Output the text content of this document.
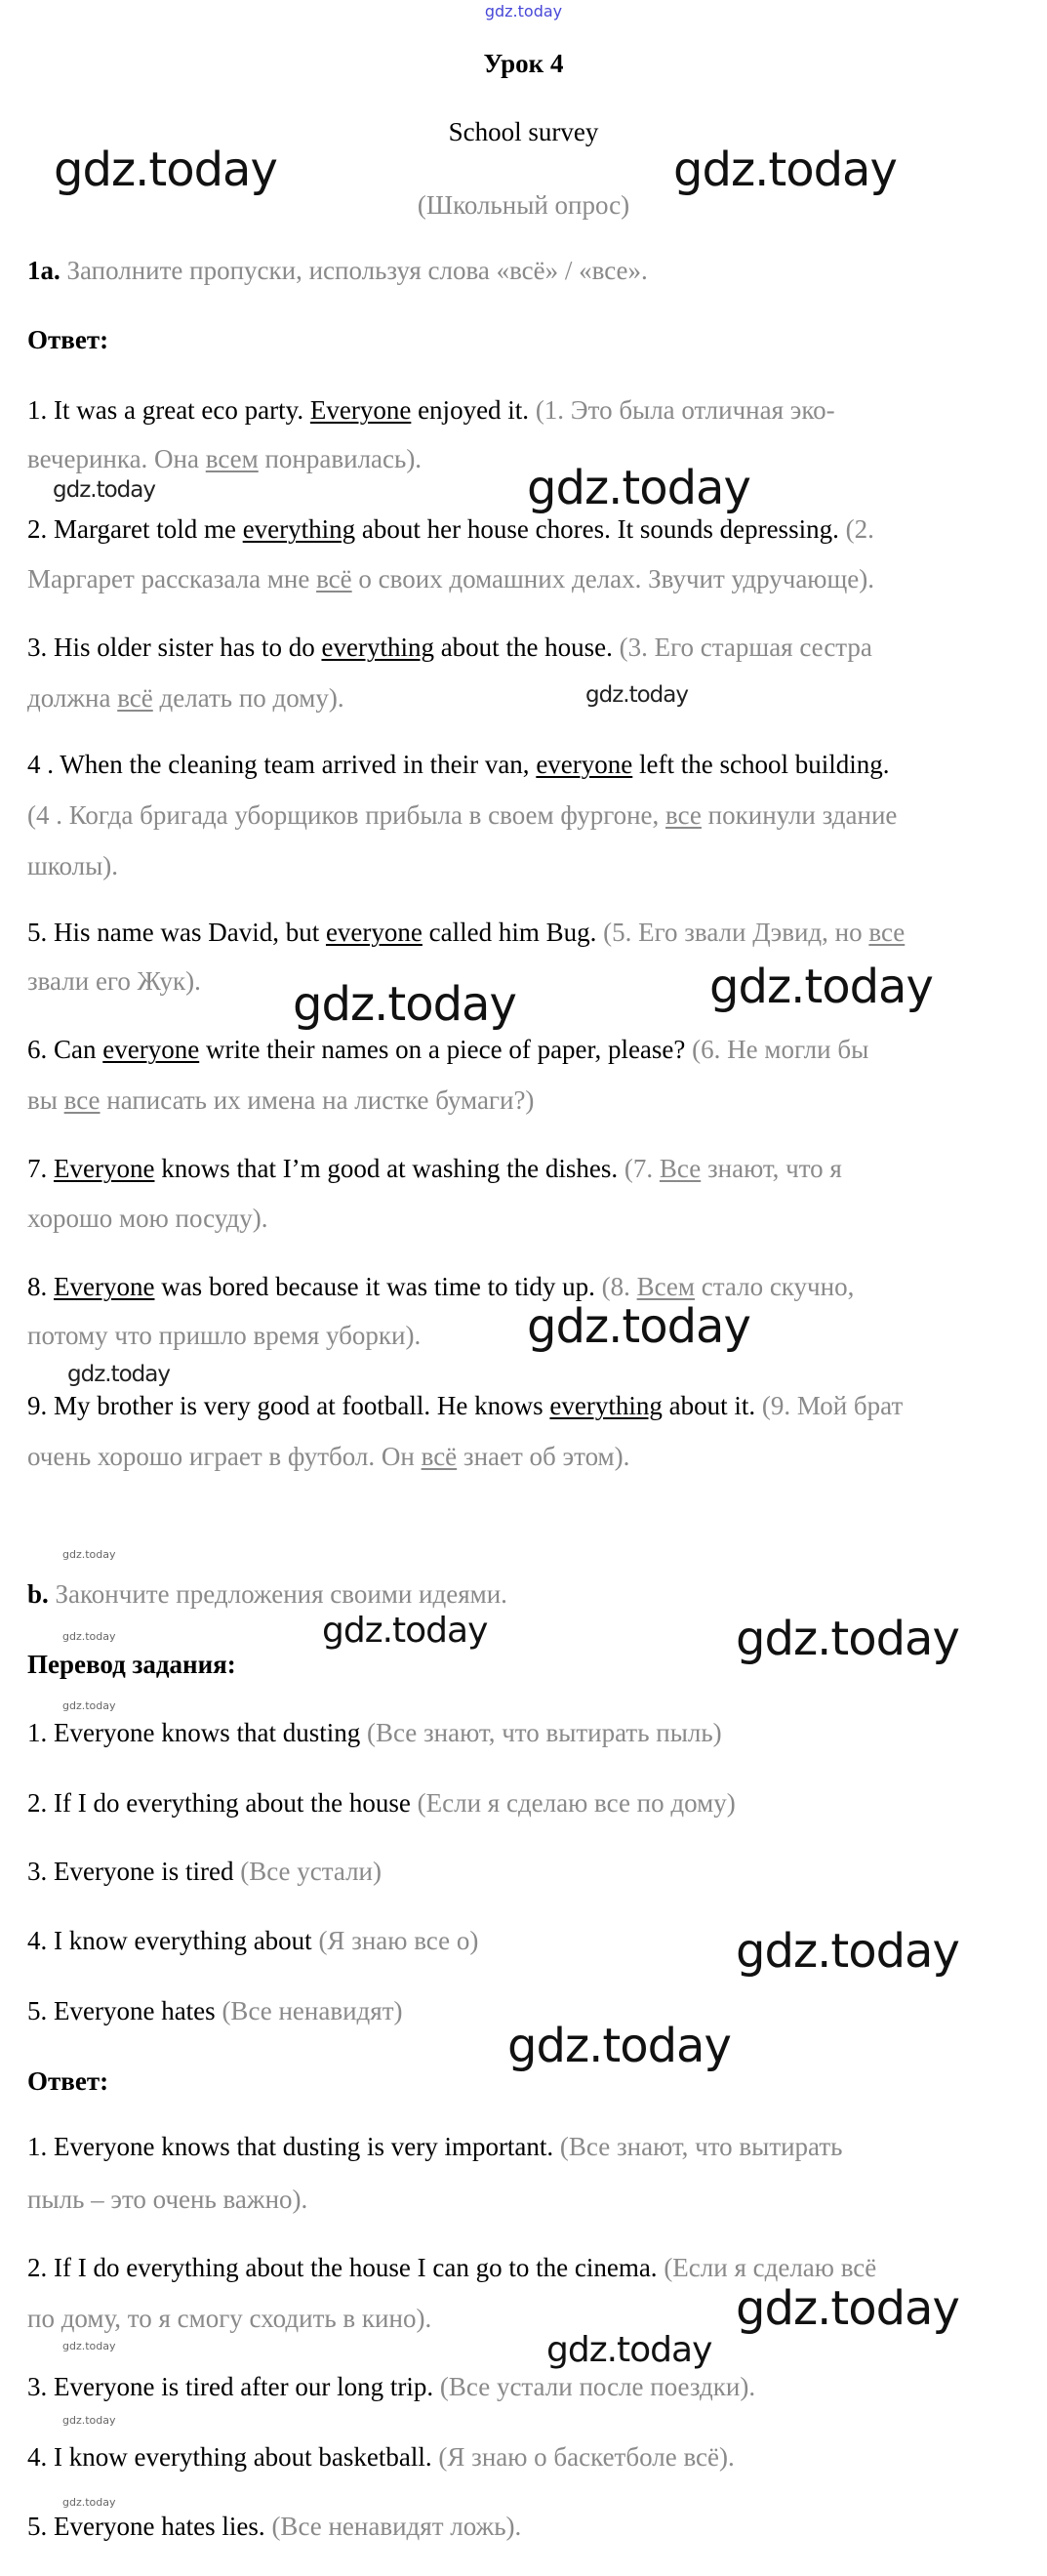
gdz.today
Урок 4
School survey
(Школьный опрос)
1a. Заполните пропуски, используя слова «всё» / «все».
Ответ:
1. It was a great eco party. Everyone enjoyed it. (1. Это была отличная эко-
вечеринка. Она всем понравилась).
2. Margaret told me everything about her house chores. It sounds depressing. (2.
Маргарет рассказала мне всё о своих домашних делах. Звучит удручающе).
3. His older sister has to do everything about the house. (3. Его старшая сестра
должна всё делать по дому).
4 . When the cleaning team arrived in their van, everyone left the school building.
(4 . Когда бригада уборщиков прибыла в своем фургоне, все покинули здание
школы).
5. His name was David, but everyone called him Bug. (5. Его звали Дэвид, но все
звали его Жук).
6. Can everyone write their names on a piece of paper, please? (6. Не могли бы
вы все написать их имена на листке бумаги?)
7. Everyone knows that I’m good at washing the dishes. (7. Все знают, что я
хорошо мою посуду).
8. Everyone was bored because it was time to tidy up. (8. Всем стало скучно,
потому что пришло время уборки).
9. My brother is very good at football. He knows everything about it. (9. Мой брат
очень хорошо играет в футбол. Он всё знает об этом).
b. Закончите предложения своими идеями.
Перевод задания:
1. Everyone knows that dusting (Все знают, что вытирать пыль)
2. If I do everything about the house (Если я сделаю все по дому)
3. Everyone is tired (Все устали)
4. I know everything about (Я знаю все о)
5. Everyone hates (Все ненавидят)
Ответ:
1. Everyone knows that dusting is very important. (Все знают, что вытирать
пыль – это очень важно).
2. If I do everything about the house I can go to the cinema. (Если я сделаю всё
по дому, то я смогу сходить в кино).
3. Everyone is tired after our long trip. (Все устали после поездки).
4. I know everything about basketball. (Я знаю о баскетболе всё).
5. Everyone hates lies. (Все ненавидят ложь).
gdz.today	gdz.today
gdz.today
gdz.today
gdz.today
gdz.today	gdz.today
gdz.today
gdz.today
gdz.today
gdz.today	gdz.today	gdz.today
gdz.today
gdz.today
gdz.today
gdz.today
gdz.today	gdz.today
gdz.today
gdz.today
